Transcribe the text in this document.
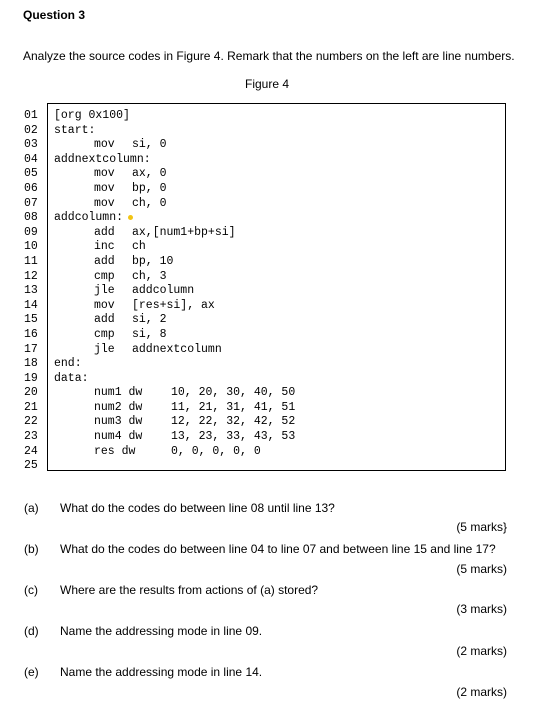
Question 3
Analyze the source codes in Figure 4. Remark that the numbers on the left are line numbers.
Figure 4
01	[org 0x100]
02	start:
03	mov si, 0
04	addnextcolumn:
05	mov ax, 0
06	mov bp, 0
07	mov ch, 0
08	addcolumn:
09	add ax,[num1+bp+si]
10	inc ch
11	add bp, 10
12	cmp ch, 3
13	jle addcolumn
14	mov [res+si], ax
15	add si, 2
16	cmp si, 8
17	jle addnextcolumn
18	end:
19	data:
20	num1 dw 10, 20, 30, 40, 50
21	num2 dw 11, 21, 31, 41, 51
22	num3 dw 12, 22, 32, 42, 52
23	num4 dw 13, 23, 33, 43, 53
24	res dw	0, 0, 0, 0, 0
25
(a) What do the codes do between line 08 until line 13?
(5 marks}
(b) What do the codes do between line 04 to line 07 and between line 15 and line 17?
(5 marks)
(c) Where are the results from actions of (a) stored?
(3 marks)
(d) Name the addressing mode in line 09.
(2 marks)
(e) Name the addressing mode in line 14.
(2 marks)
